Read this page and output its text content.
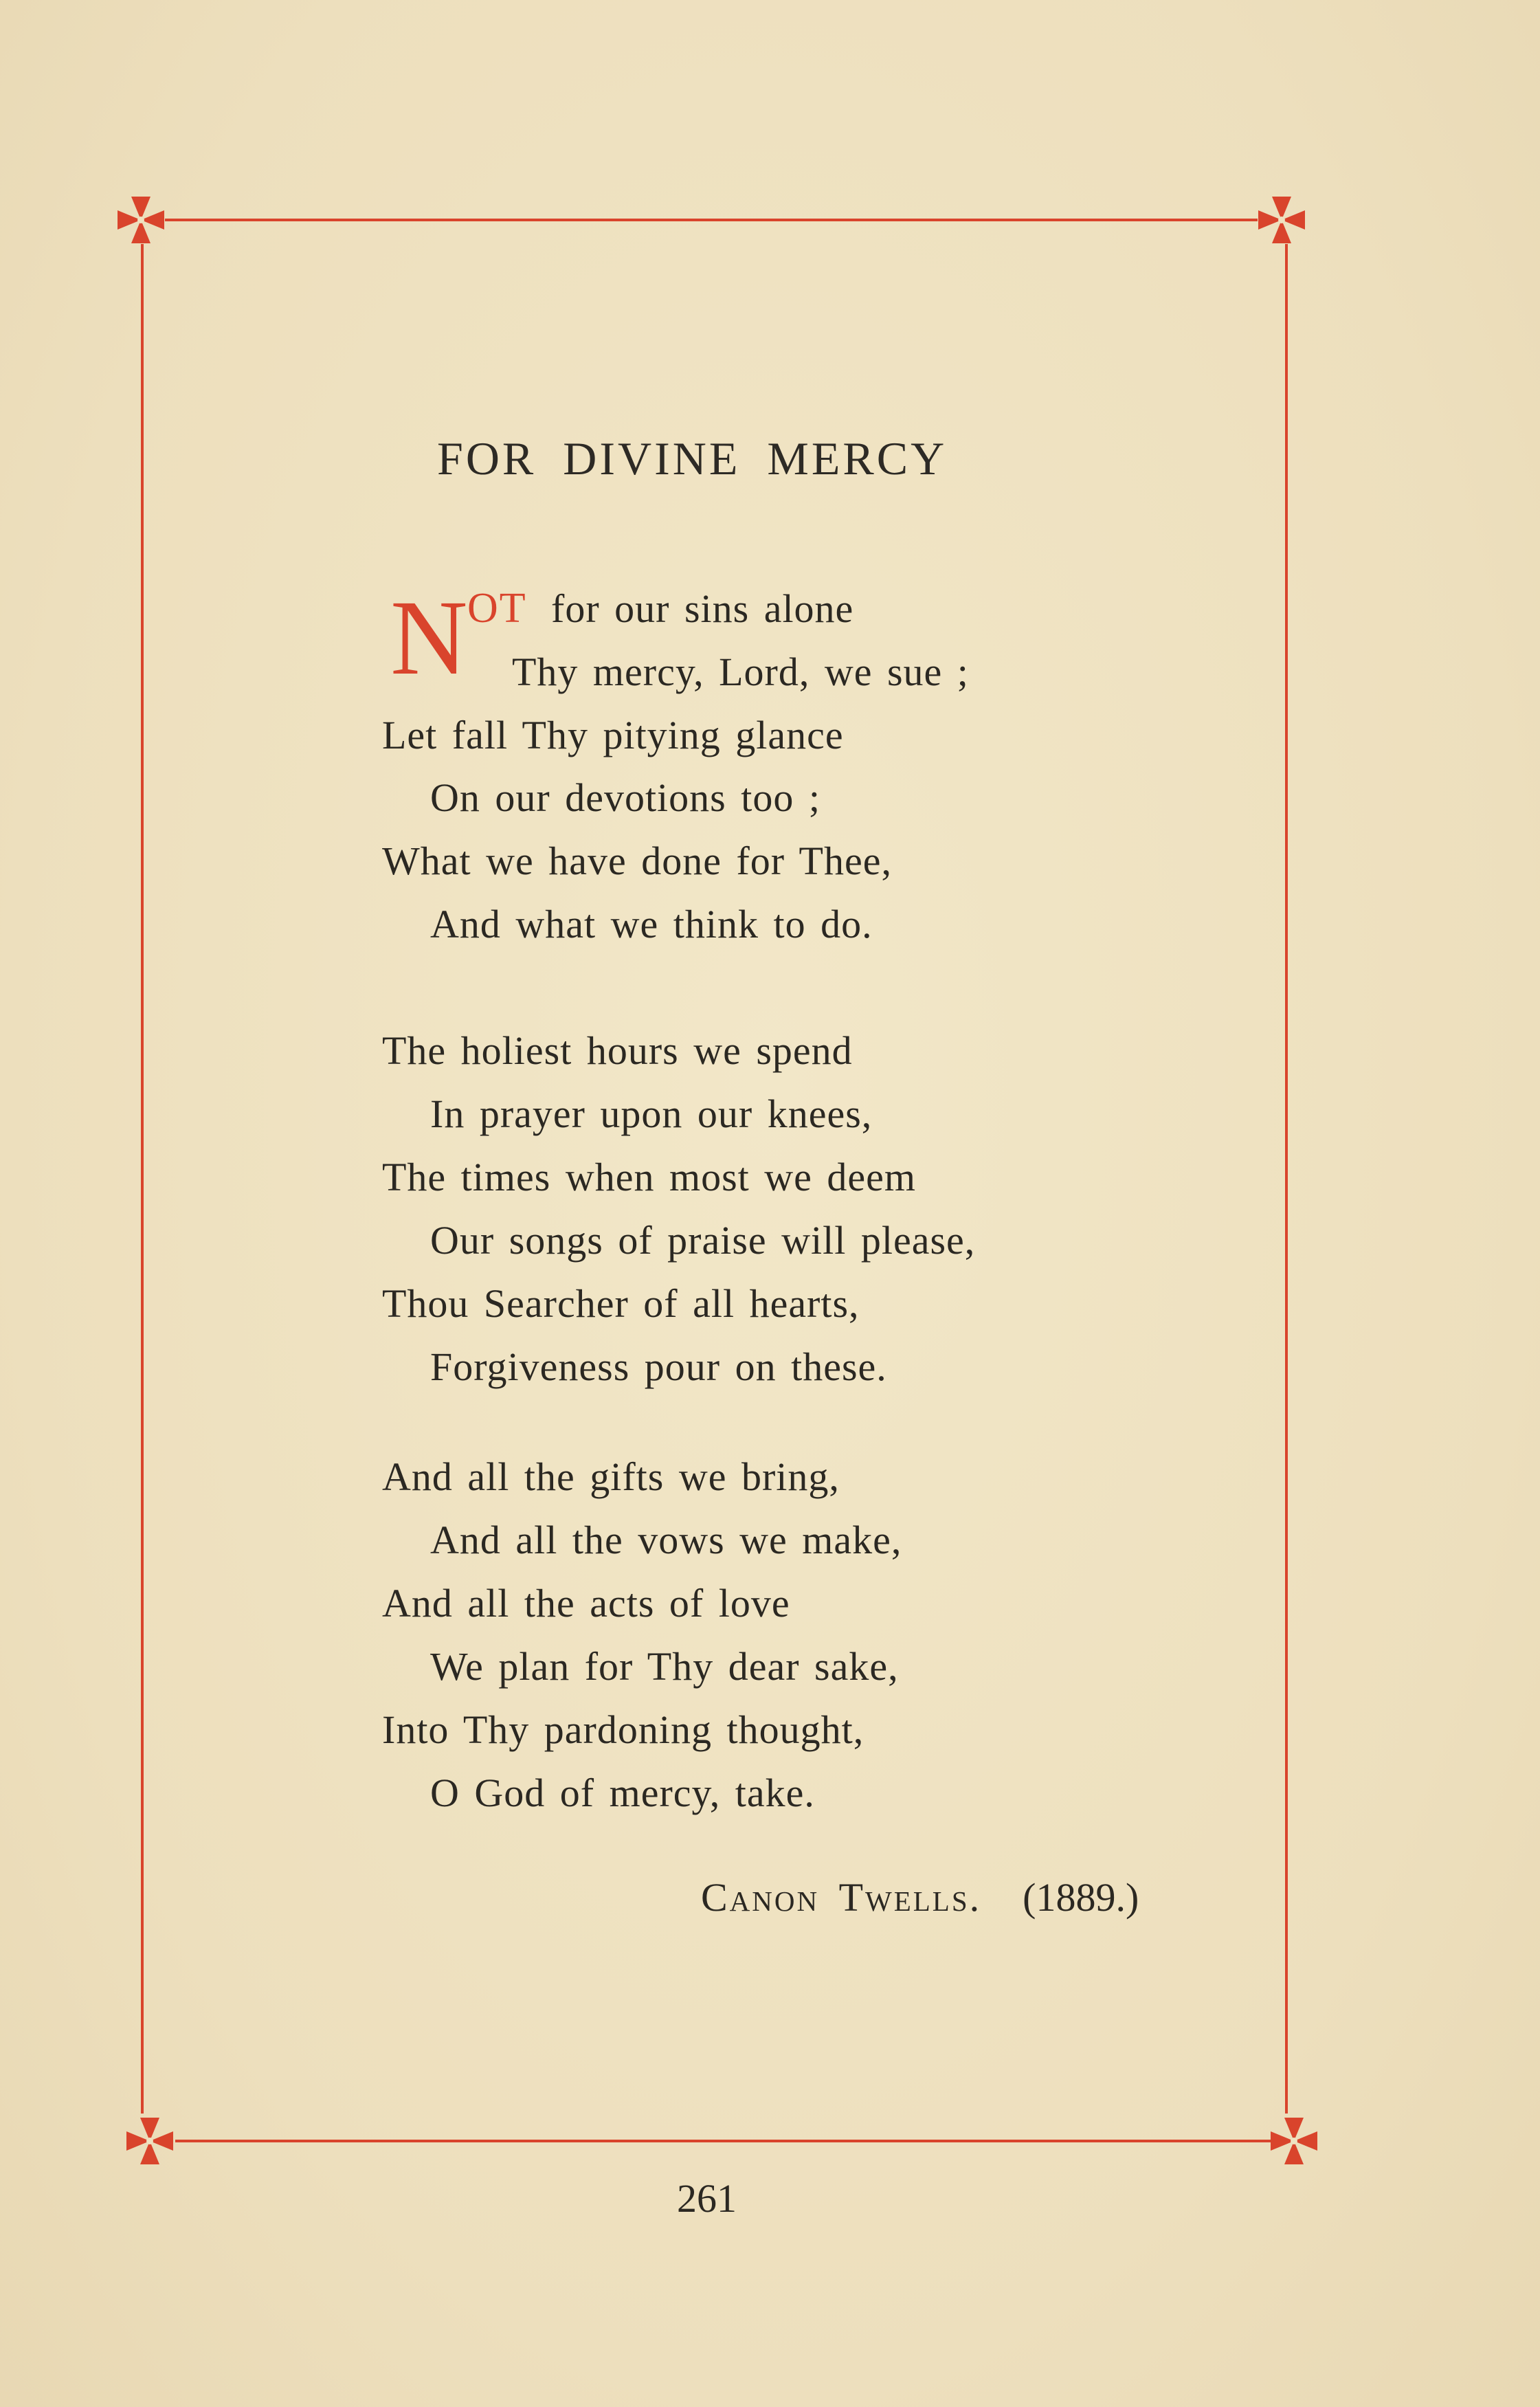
FOR DIVINE MERCY
N OT for our sins alone
Thy mercy, Lord, we sue ;
Let fall Thy pitying glance
On our devotions too ;
What we have done for Thee,
And what we think to do.
The holiest hours we spend
In prayer upon our knees,
The times when most we deem
Our songs of praise will please,
Thou Searcher of all hearts,
Forgiveness pour on these.
And all the gifts we bring,
And all the vows we make,
And all the acts of love
We plan for Thy dear sake,
Into Thy pardoning thought,
O God of mercy, take.
Canon Twells. (1889.)
261
